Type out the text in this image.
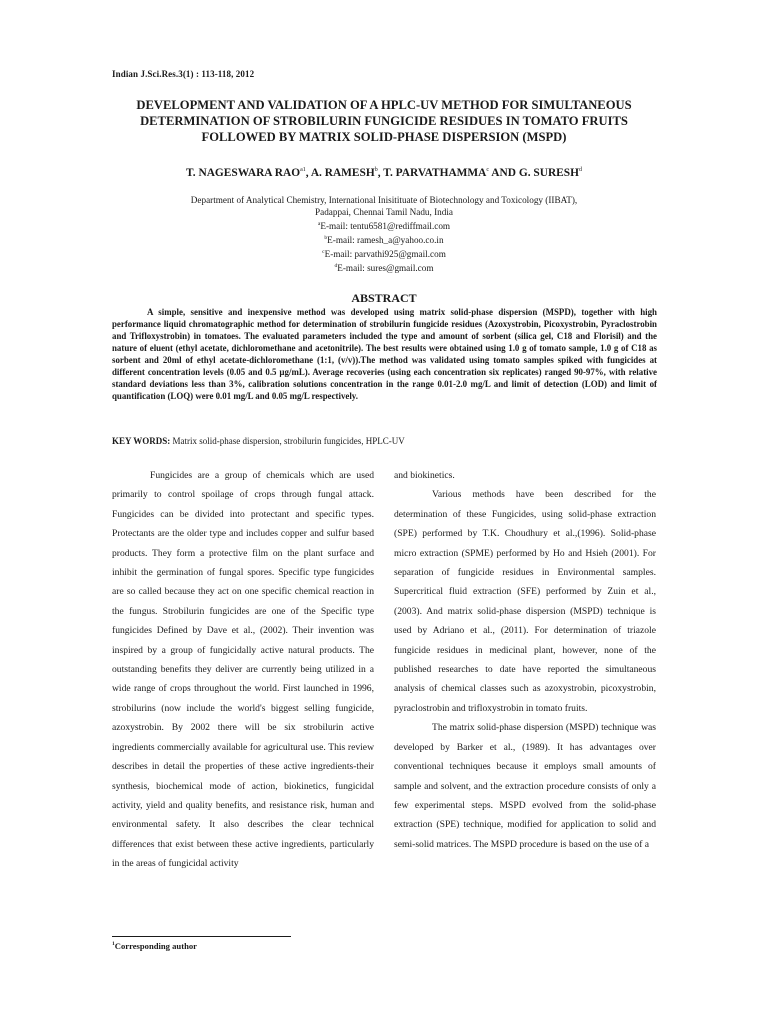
Indian J.Sci.Res.3(1) : 113-118, 2012
DEVELOPMENT AND VALIDATION OF A HPLC-UV METHOD FOR SIMULTANEOUS
DETERMINATION OF STROBILURIN FUNGICIDE RESIDUES IN TOMATO FRUITS
FOLLOWED BY MATRIX SOLID-PHASE DISPERSION (MSPD)
T. NAGESWARA $RAO^{a1}$, A. RAMESH$^b$, T. PARVATHAMMA$^c$ AND G. SURESH$^d$
Department of Analytical Chemistry, International Inisitituate of Biotechnology and Toxicology (IIBAT),
Padappai, Chennai Tamil Nadu, India
$^a$E-mail: tentu6581@rediffmail.com
$^b$E-mail: ramesh_a@yahoo.co.in
$^c$E-mail: parvathi925@gmail.com
$^d$E-mail: sures@gmail.com
ABSTRACT
A simple, sensitive and inexpensive method was developed using matrix solid-phase dispersion (MSPD), together with high performance liquid chromatographic method for determination of strobilurin fungicide residues (Azoxystrobin, Picoxystrobin, Pyraclostrobin and Trifloxystrobin) in tomatoes. The evaluated parameters included the type and amount of sorbent (silica gel, C18 and Florisil) and the nature of eluent (ethyl acetate, dichloromethane and acetonitrile). The best results were obtained using 1.0 g of tomato sample, 1.0 g of C18 as sorbent and 20ml of ethyl acetate-dichloromethane (1:1, (v/v)).The method was validated using tomato samples spiked with fungicides at different concentration levels (0.05 and 0.5 µg/mL). Average recoveries (using each concentration six replicates) ranged 90-97%, with relative standard deviations less than 3%, calibration solutions concentration in the range 0.01-2.0 mg/L and limit of detection (LOD) and limit of quantification (LOQ) were 0.01 mg/L and 0.05 mg/L respectively.
KEY WORDS: Matrix solid-phase dispersion, strobilurin fungicides, HPLC-UV

Fungicides are a group of chemicals which are used primarily to control spoilage of crops through fungal attack. Fungicides can be divided into protectant and specific types. Protectants are the older type and includes copper and sulfur based products. They form a protective film on the plant surface and inhibit the germination of fungal spores. Specific type fungicides are so called because they act on one specific chemical reaction in the fungus. Strobilurin fungicides are one of the Specific type fungicides Defined by Dave et al., (2002). Their invention was inspired by a group of fungicidally active natural products. The outstanding benefits they deliver are currently being utilized in a wide range of crops throughout the world. First launched in 1996, strobilurins (now include the world's biggest selling fungicide, azoxystrobin. By 2002 there will be six strobilurin active ingredients commercially available for agricultural use. This review describes in detail the properties of these active ingredients-their synthesis, biochemical mode of action, biokinetics, fungicidal activity, yield and quality benefits, and resistance risk, human and environmental safety. It also describes the clear technical differences that exist between these active ingredients, particularly in the areas of fungicidal activity

and biokinetics.

Various methods have been described for the determination of these Fungicides, using solid-phase extraction (SPE) performed by T.K. Choudhury et al.,(1996). Solid-phase micro extraction (SPME) performed by Ho and Hsieh (2001). For separation of fungicide residues in Environmental samples. Supercritical fluid extraction (SFE) performed by Zuin et al., (2003). And matrix solid-phase dispersion (MSPD) technique is used by Adriano et al., (2011). For determination of triazole fungicide residues in medicinal plant, however, none of the published researches to date have reported the simultaneous analysis of chemical classes such as azoxystrobin, picoxystrobin, pyraclostrobin and trifloxystrobin in tomato fruits.

The matrix solid-phase dispersion (MSPD) technique was developed by Barker et al., (1989). It has advantages over conventional techniques because it employs small amounts of sample and solvent, and the extraction procedure consists of only a few experimental steps. MSPD evolved from the solid-phase extraction (SPE) technique, modified for application to solid and semi-solid matrices. The MSPD procedure is based on the use of a

$^1$Corresponding author
